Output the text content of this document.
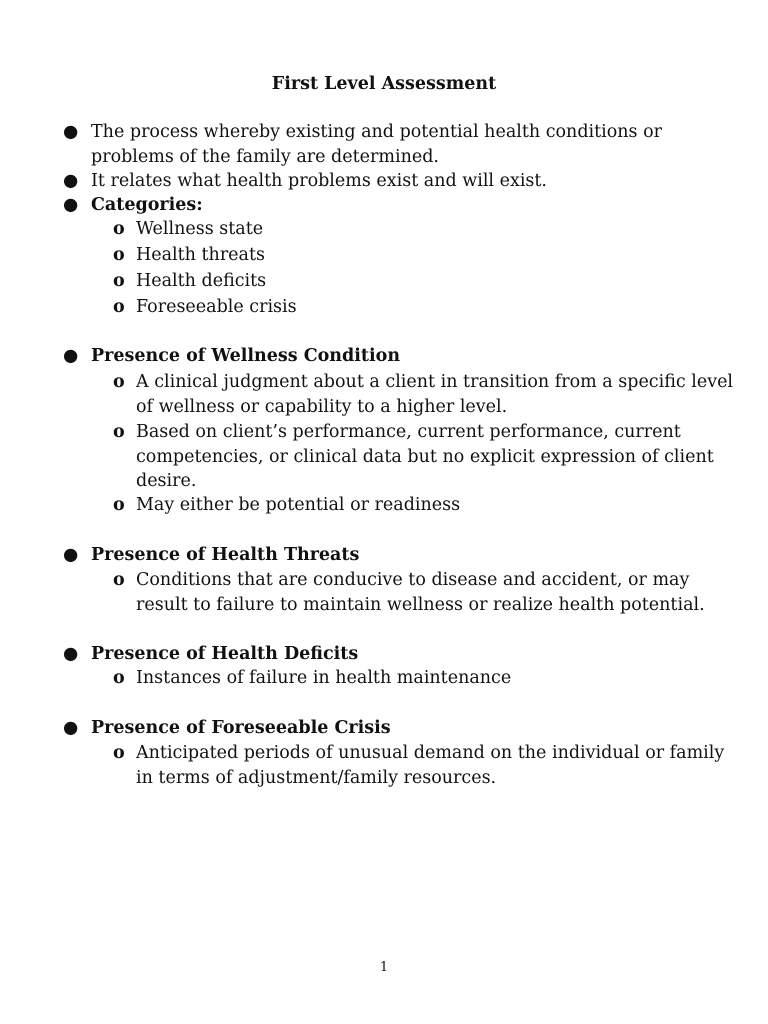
First Level Assessment
● The process whereby existing and potential health conditions or problems of the family are determined.
● It relates what health problems exist and will exist.
● Categories:
o Wellness state
o Health threats
o Health deficits
o Foreseeable crisis
● Presence of Wellness Condition
o A clinical judgment about a client in transition from a specific level of wellness or capability to a higher level.
o Based on client’s performance, current performance, current competencies, or clinical data but no explicit expression of client desire.
o May either be potential or readiness
● Presence of Health Threats
o Conditions that are conducive to disease and accident, or may result to failure to maintain wellness or realize health potential.
● Presence of Health Deficits
o Instances of failure in health maintenance
● Presence of Foreseeable Crisis
o Anticipated periods of unusual demand on the individual or family in terms of adjustment/family resources.
1
